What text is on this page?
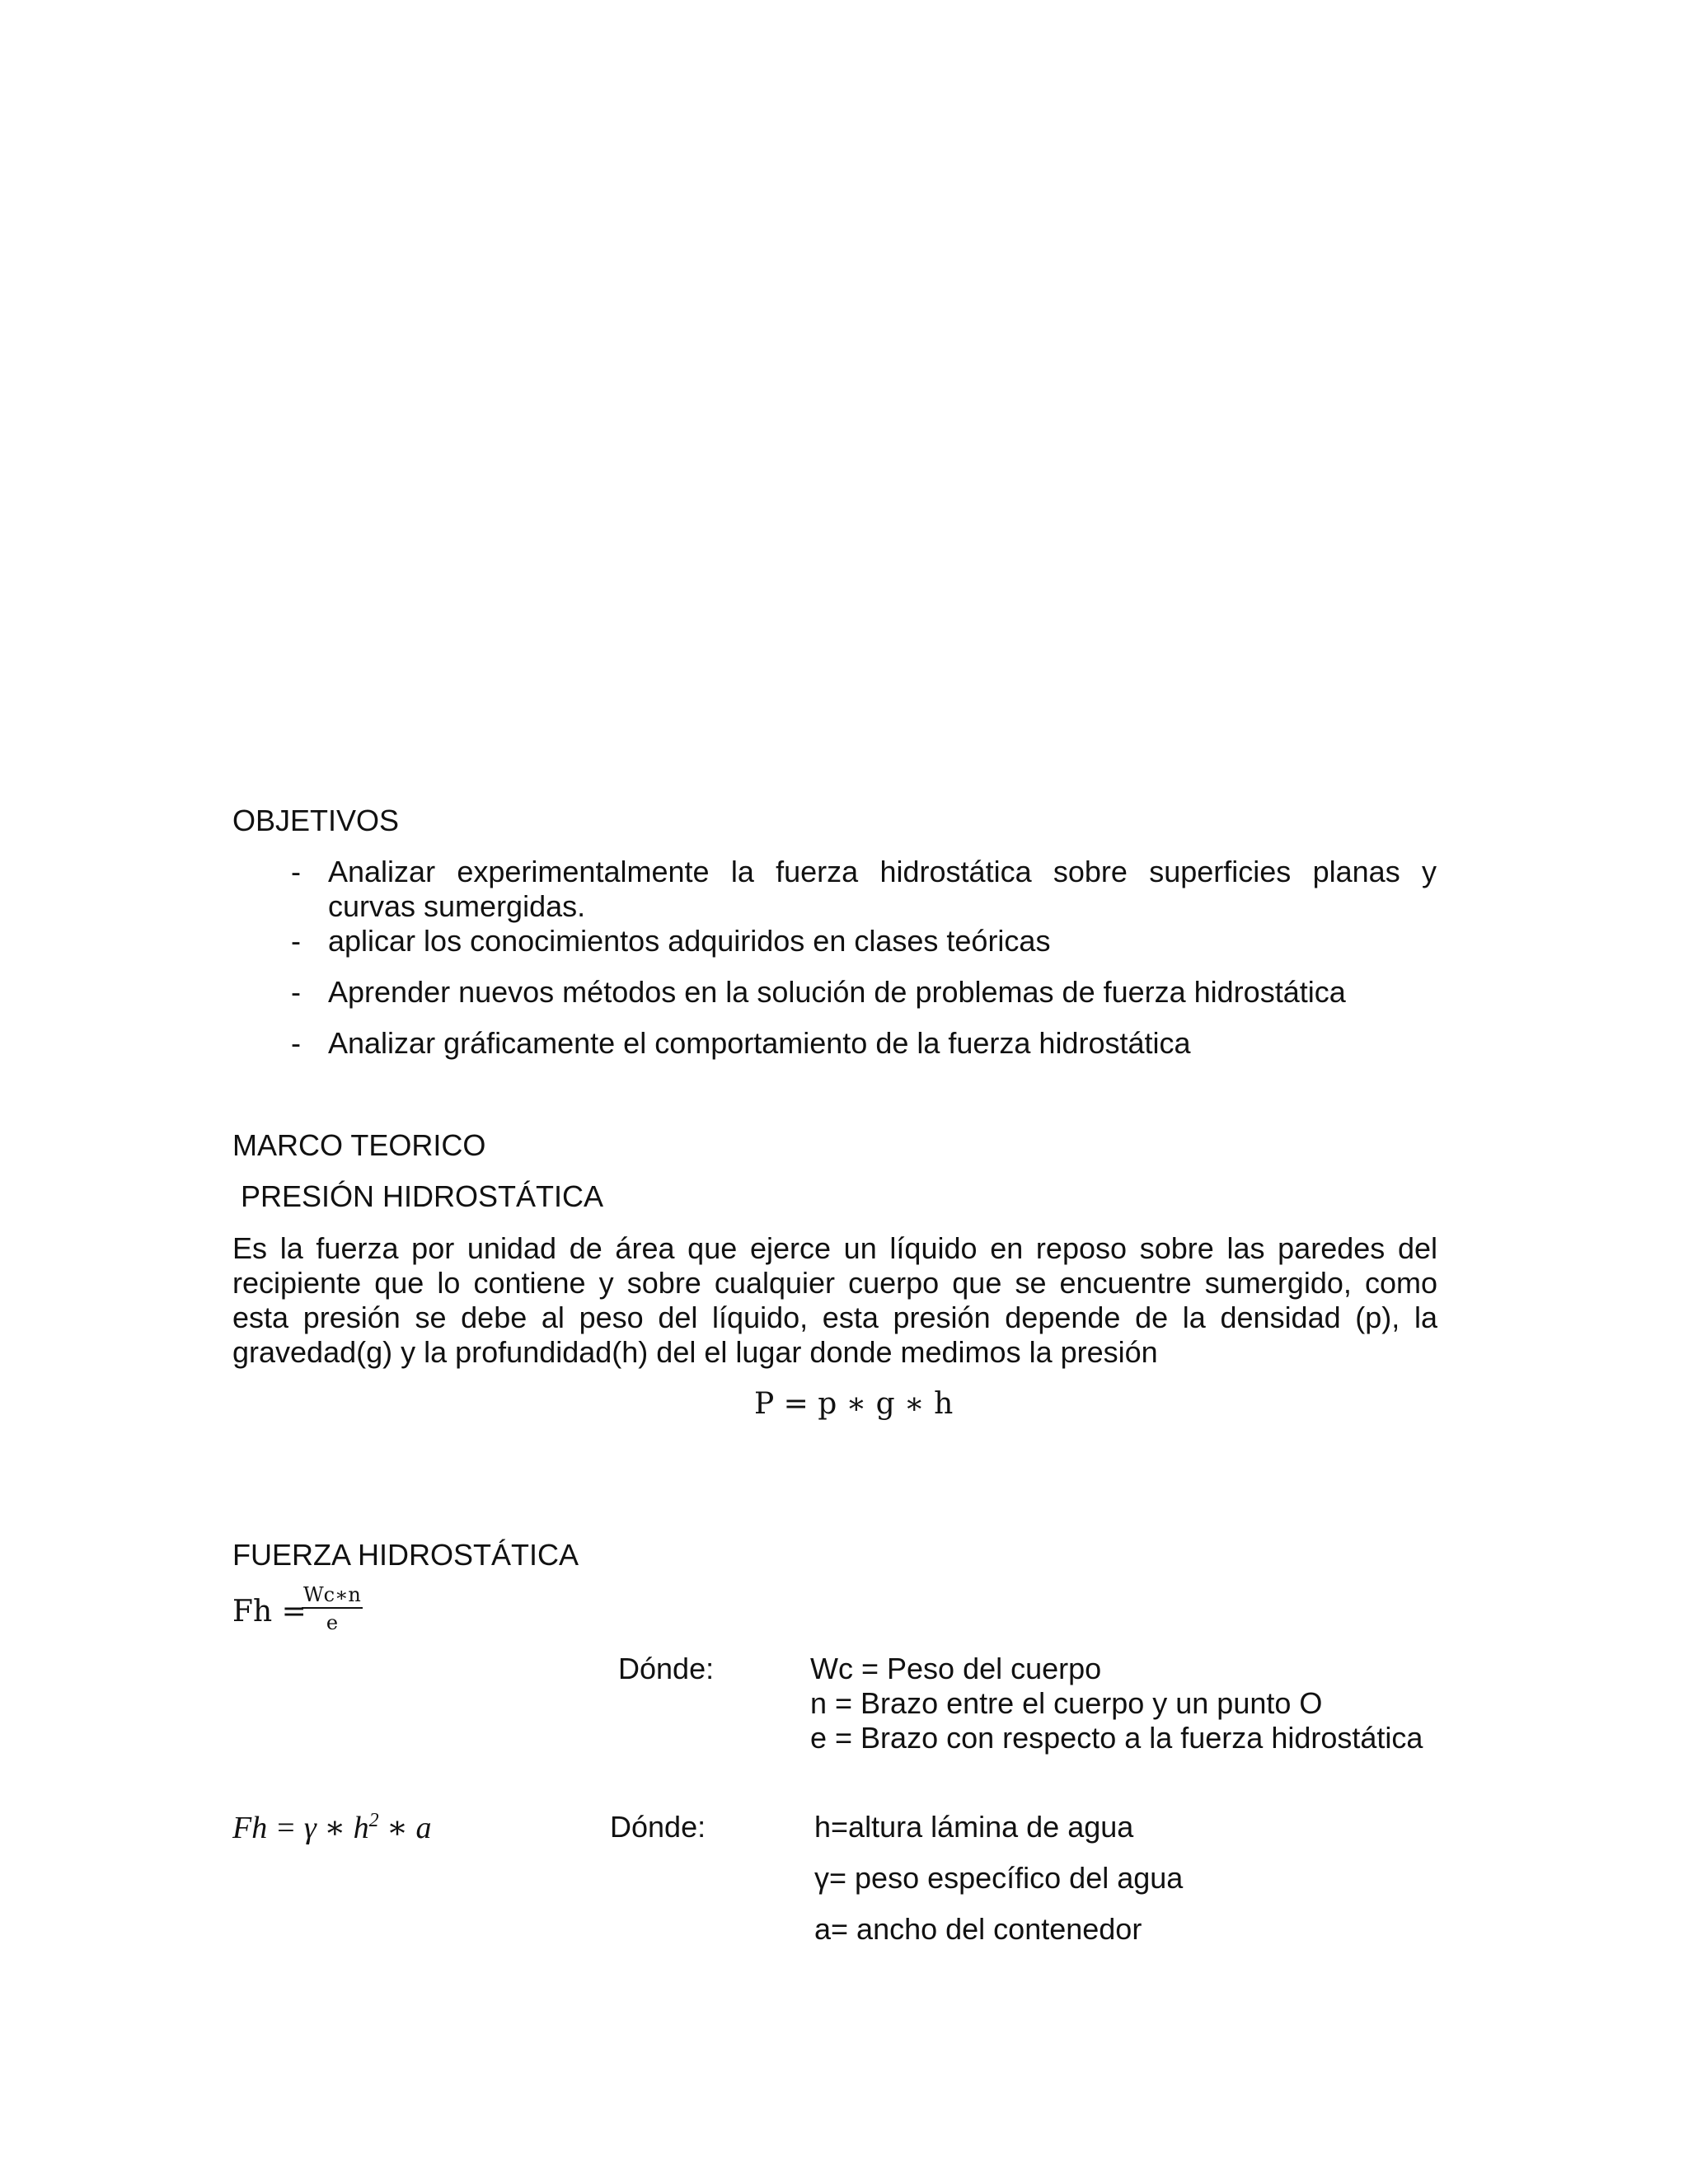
OBJETIVOS
- Analizar experimentalmente la fuerza hidrostática sobre superficies planas y
curvas sumergidas.
- aplicar los conocimientos adquiridos en clases teóricas
- Aprender nuevos métodos en la solución de problemas de fuerza hidrostática
- Analizar gráficamente el comportamiento de la fuerza hidrostática
MARCO TEORICO
PRESIÓN HIDROSTÁTICA
Es la fuerza por unidad de área que ejerce un líquido en reposo sobre las paredes del
recipiente que lo contiene y sobre cualquier cuerpo que se encuentre sumergido, como
esta presión se debe al peso del líquido, esta presión depende de la densidad (p), la
gravedad(g) y la profundidad(h) del el lugar donde medimos la presión
P = p ∗ g ∗ h
FUERZA HIDROSTÁTICA
Fh =
$\frac{Wc∗n}{e}$
Dónde:	Wc = Peso del cuerpo
n = Brazo entre el cuerpo y un punto O
e = Brazo con respecto a la fuerza hidrostática
Fh = γ ∗ $h^2$ ∗ a	Dónde:	h=altura lámina de agua
γ= peso específico del agua
a= ancho del contenedor
